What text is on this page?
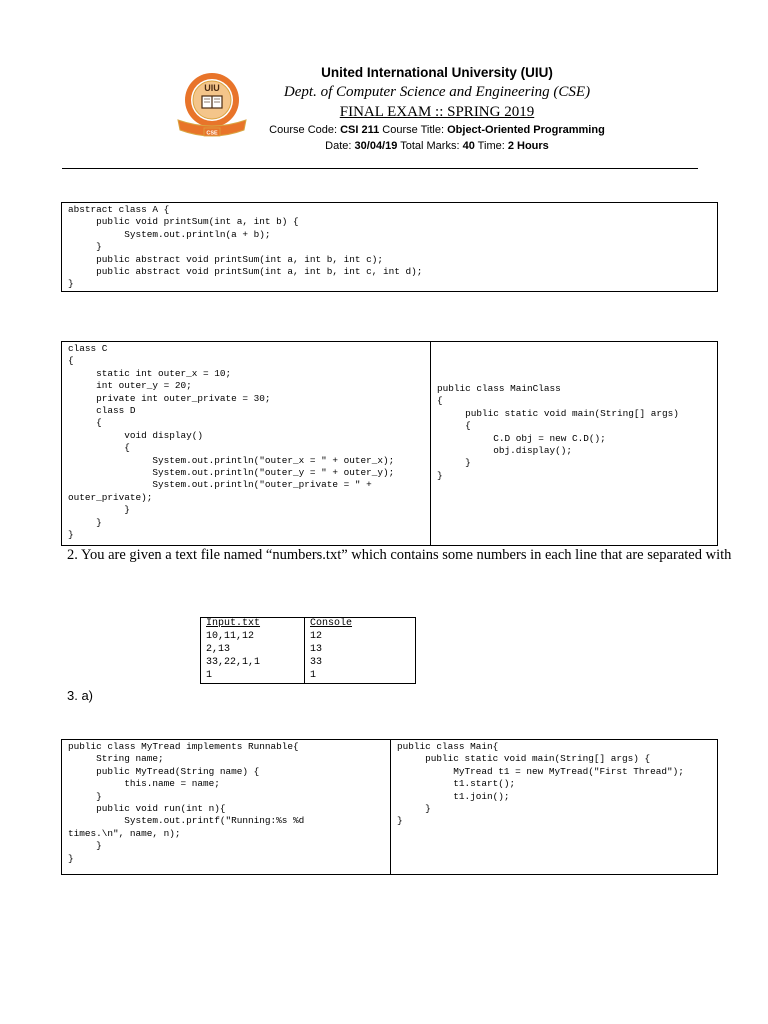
UIU
CSE
United International University (UIU)
Dept. of Computer Science and Engineering (CSE)
FINAL EXAM :: SPRING 2019
Course Code: CSI 211 Course Title: Object-Oriented Programming
Date: 30/04/19 Total Marks: 40 Time: 2 Hours
abstract class A {
public void printSum(int a, int b) {
System.out.println(a + b);
}
public abstract void printSum(int a, int b, int c);
public abstract void printSum(int a, int b, int c, int d);
}
class C
{
static int outer_x = 10;
int outer_y = 20;
private int outer_private = 30;
class D
{
void display()
{
System.out.println("outer_x = " + outer_x);
System.out.println("outer_y = " + outer_y);
System.out.println("outer_private = " +
outer_private);
}
}
}
public class MainClass
{
public static void main(String[] args)
{
C.D obj = new C.D();
obj.display();
}
}
2. You are given a text file named “numbers.txt” which contains some numbers in each line that are separated with
Input.txt	Console
10,11,12	12
2,13	13
33,22,1,1	33
1	1
3. a)
public class MyTread implements Runnable{
String name;
public MyTread(String name) {
this.name = name;
}
public void run(int n){
System.out.printf("Running:%s %d
times.\n", name, n);
}
}
public class Main{
public static void main(String[] args) {
MyTread t1 = new MyTread("First Thread");
t1.start();
t1.join();
}
}
